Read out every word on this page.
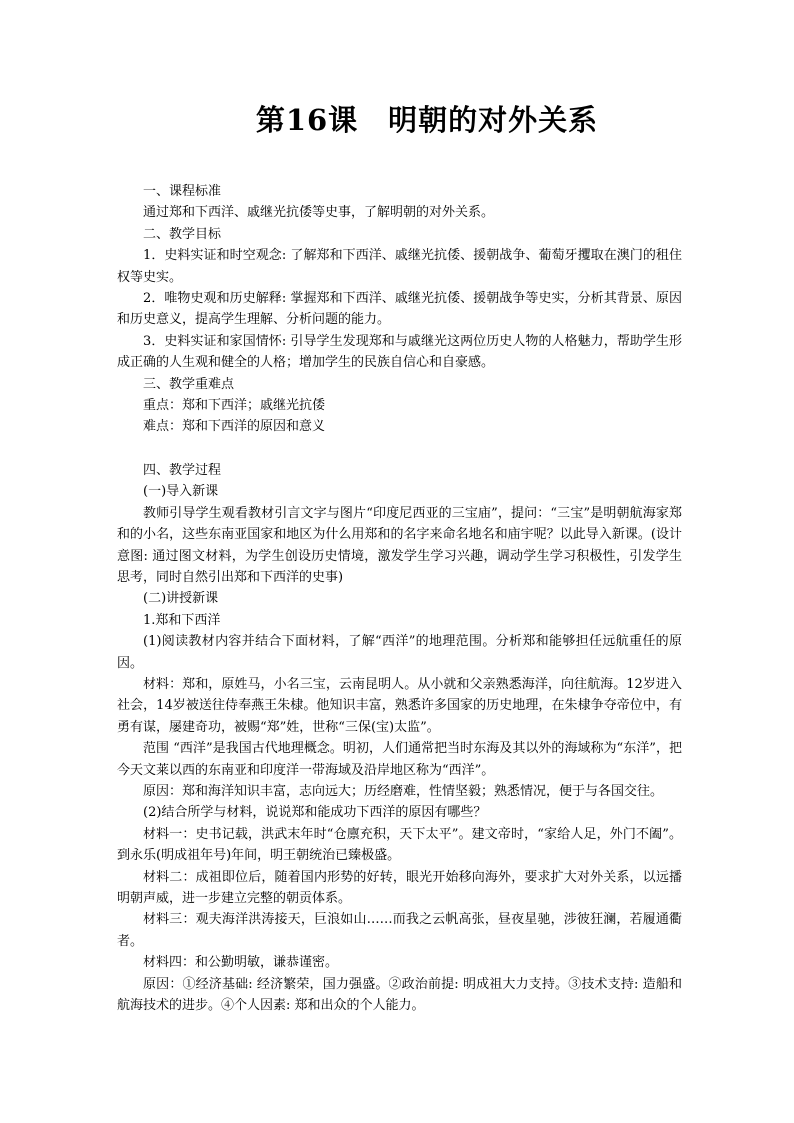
第16课 明朝的对外关系

一、课程标准

通过郑和下西洋、戚继光抗倭等史事，了解明朝的对外关系。

二、教学目标

1．史料实证和时空观念: 了解郑和下西洋、戚继光抗倭、援朝战争、葡萄牙攫取在澳门的租住权等史实。

2．唯物史观和历史解释: 掌握郑和下西洋、戚继光抗倭、援朝战争等史实，分析其背景、原因和历史意义，提高学生理解、分析问题的能力。

3．史料实证和家国情怀: 引导学生发现郑和与戚继光这两位历史人物的人格魅力，帮助学生形成正确的人生观和健全的人格；增加学生的民族自信心和自豪感。

三、教学重难点

重点：郑和下西洋；戚继光抗倭

难点：郑和下西洋的原因和意义

四、教学过程

(一)导入新课

教师引导学生观看教材引言文字与图片“印度尼西亚的三宝庙”，提问：“三宝”是明朝航海家郑和的小名，这些东南亚国家和地区为什么用郑和的名字来命名地名和庙宇呢？以此导入新课。(设计意图: 通过图文材料，为学生创设历史情境，激发学生学习兴趣，调动学生学习积极性，引发学生思考，同时自然引出郑和下西洋的史事)

(二)讲授新课

1.郑和下西洋

(1)阅读教材内容并结合下面材料，了解“西洋”的地理范围。分析郑和能够担任远航重任的原因。

材料：郑和，原姓马，小名三宝，云南昆明人。从小就和父亲熟悉海洋，向往航海。12岁进入社会，14岁被送往侍奉燕王朱棣。他知识丰富，熟悉许多国家的历史地理，在朱棣争夺帝位中，有勇有谋，屡建奇功，被赐“郑”姓，世称“三保(宝)太监”。

范围 “西洋”是我国古代地理概念。明初，人们通常把当时东海及其以外的海域称为“东洋”，把今天文莱以西的东南亚和印度洋一带海域及沿岸地区称为“西洋”。

原因：郑和海洋知识丰富，志向远大；历经磨难，性情坚毅；熟悉情况，便于与各国交往。

(2)结合所学与材料，说说郑和能成功下西洋的原因有哪些？

材料一：史书记载，洪武末年时“仓廪充积，天下太平”。建文帝时，“家给人足，外门不阖”。到永乐(明成祖年号)年间，明王朝统治已臻极盛。

材料二：成祖即位后，随着国内形势的好转，眼光开始移向海外，要求扩大对外关系，以远播明朝声威，进一步建立完整的朝贡体系。

材料三：观夫海洋洪涛接天，巨浪如山……而我之云帆高张，昼夜星驰，涉彼狂澜，若履通衢者。

材料四：和公勤明敏，谦恭谨密。

原因：①经济基础: 经济繁荣，国力强盛。②政治前提: 明成祖大力支持。③技术支持: 造船和航海技术的进步。④个人因素: 郑和出众的个人能力。
